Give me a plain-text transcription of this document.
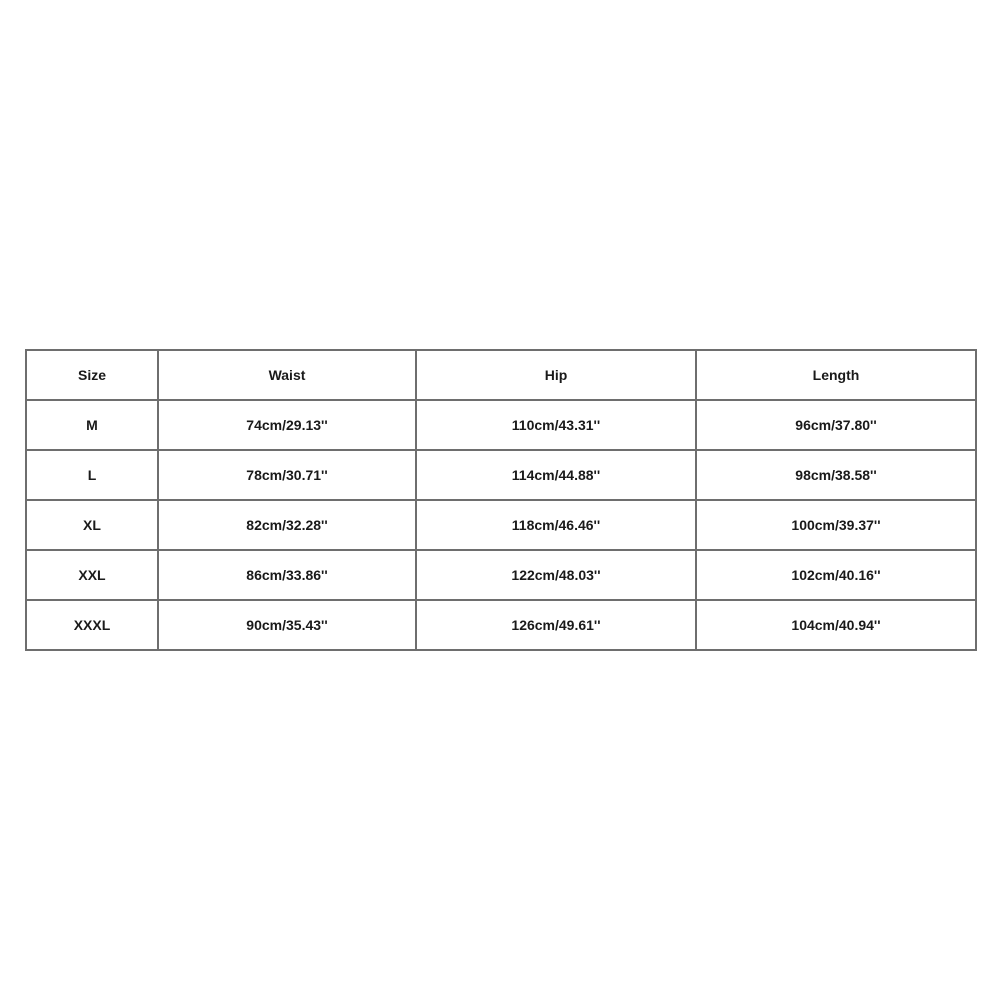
Size	Waist	Hip	Length
M	74cm/29.13''	110cm/43.31''	96cm/37.80''
L	78cm/30.71''	114cm/44.88''	98cm/38.58''
XL	82cm/32.28''	118cm/46.46''	100cm/39.37''
XXL	86cm/33.86''	122cm/48.03''	102cm/40.16''
XXXL	90cm/35.43''	126cm/49.61''	104cm/40.94''
